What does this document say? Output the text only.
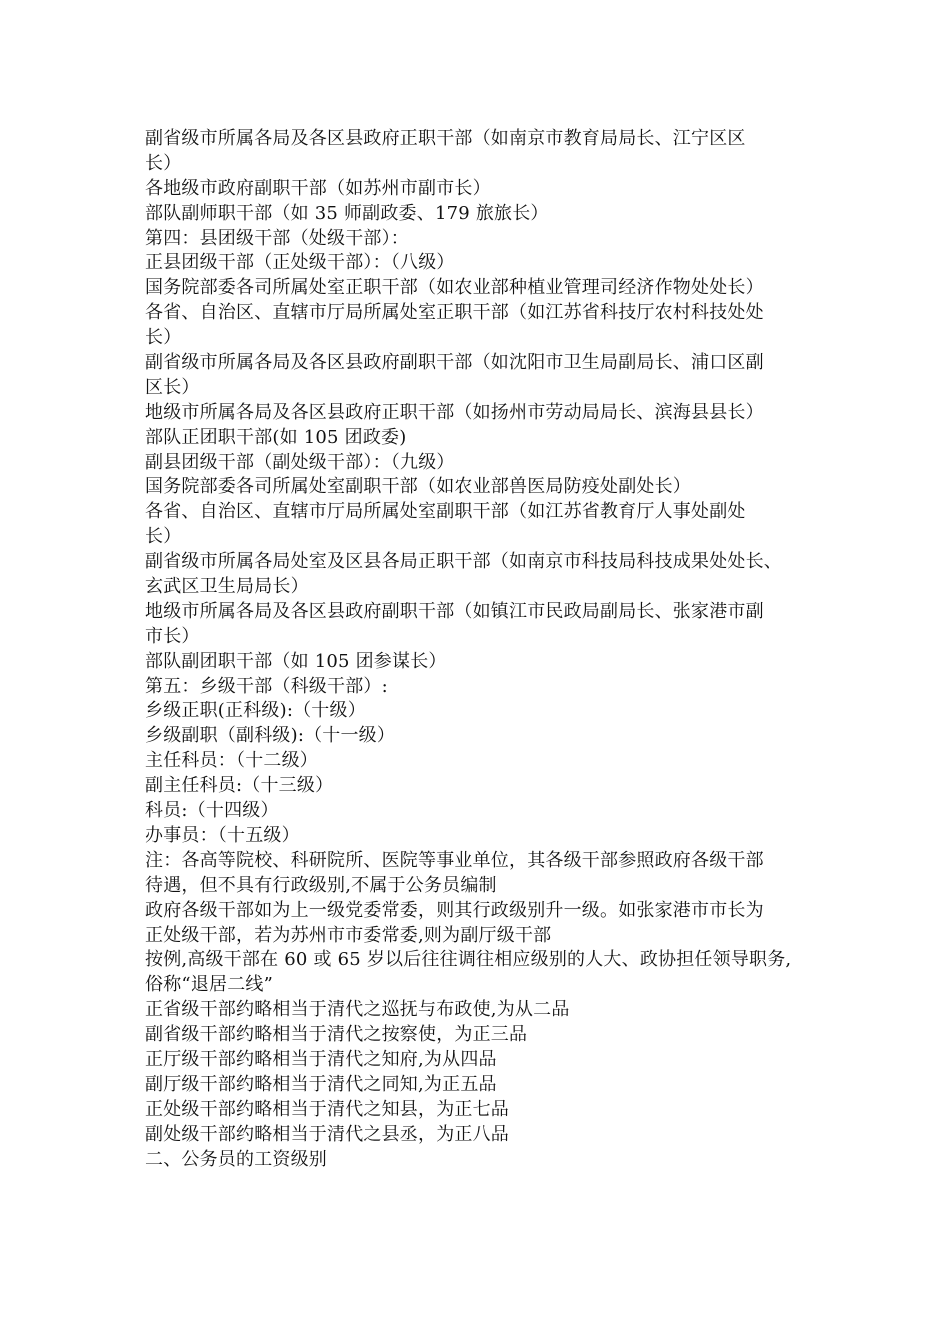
副省级市所属各局及各区县政府正职干部（如南京市教育局局长、江宁区区
长）
各地级市政府副职干部（如苏州市副市长）
部队副师职干部（如 35 师副政委、179 旅旅长）
第四：县团级干部（处级干部）：
正县团级干部（正处级干部）：（八级）
国务院部委各司所属处室正职干部（如农业部种植业管理司经济作物处处长）
各省、自治区、直辖市厅局所属处室正职干部（如江苏省科技厅农村科技处处
长）
副省级市所属各局及各区县政府副职干部（如沈阳市卫生局副局长、浦口区副
区长）
地级市所属各局及各区县政府正职干部（如扬州市劳动局局长、滨海县县长）
部队正团职干部(如 105 团政委)
副县团级干部（副处级干部）：（九级）
国务院部委各司所属处室副职干部（如农业部兽医局防疫处副处长）
各省、自治区、直辖市厅局所属处室副职干部（如江苏省教育厅人事处副处
长）
副省级市所属各局处室及区县各局正职干部（如南京市科技局科技成果处处长、
玄武区卫生局局长）
地级市所属各局及各区县政府副职干部（如镇江市民政局副局长、张家港市副
市长）
部队副团职干部（如 105 团参谋长）
第五：乡级干部（科级干部）:
乡级正职(正科级):（十级）
乡级副职（副科级):（十一级）
主任科员：（十二级）
副主任科员:（十三级）
科员:（十四级）
办事员：（十五级）
注：各高等院校、科研院所、医院等事业单位，其各级干部参照政府各级干部
待遇，但不具有行政级别,不属于公务员编制
政府各级干部如为上一级党委常委，则其行政级别升一级。如张家港市市长为
正处级干部，若为苏州市市委常委,则为副厅级干部
按例,高级干部在 60 或 65 岁以后往往调往相应级别的人大、政协担任领导职务,
俗称“退居二线”
正省级干部约略相当于清代之巡抚与布政使,为从二品
副省级干部约略相当于清代之按察使，为正三品
正厅级干部约略相当于清代之知府,为从四品
副厅级干部约略相当于清代之同知,为正五品
正处级干部约略相当于清代之知县，为正七品
副处级干部约略相当于清代之县丞，为正八品
二、公务员的工资级别
